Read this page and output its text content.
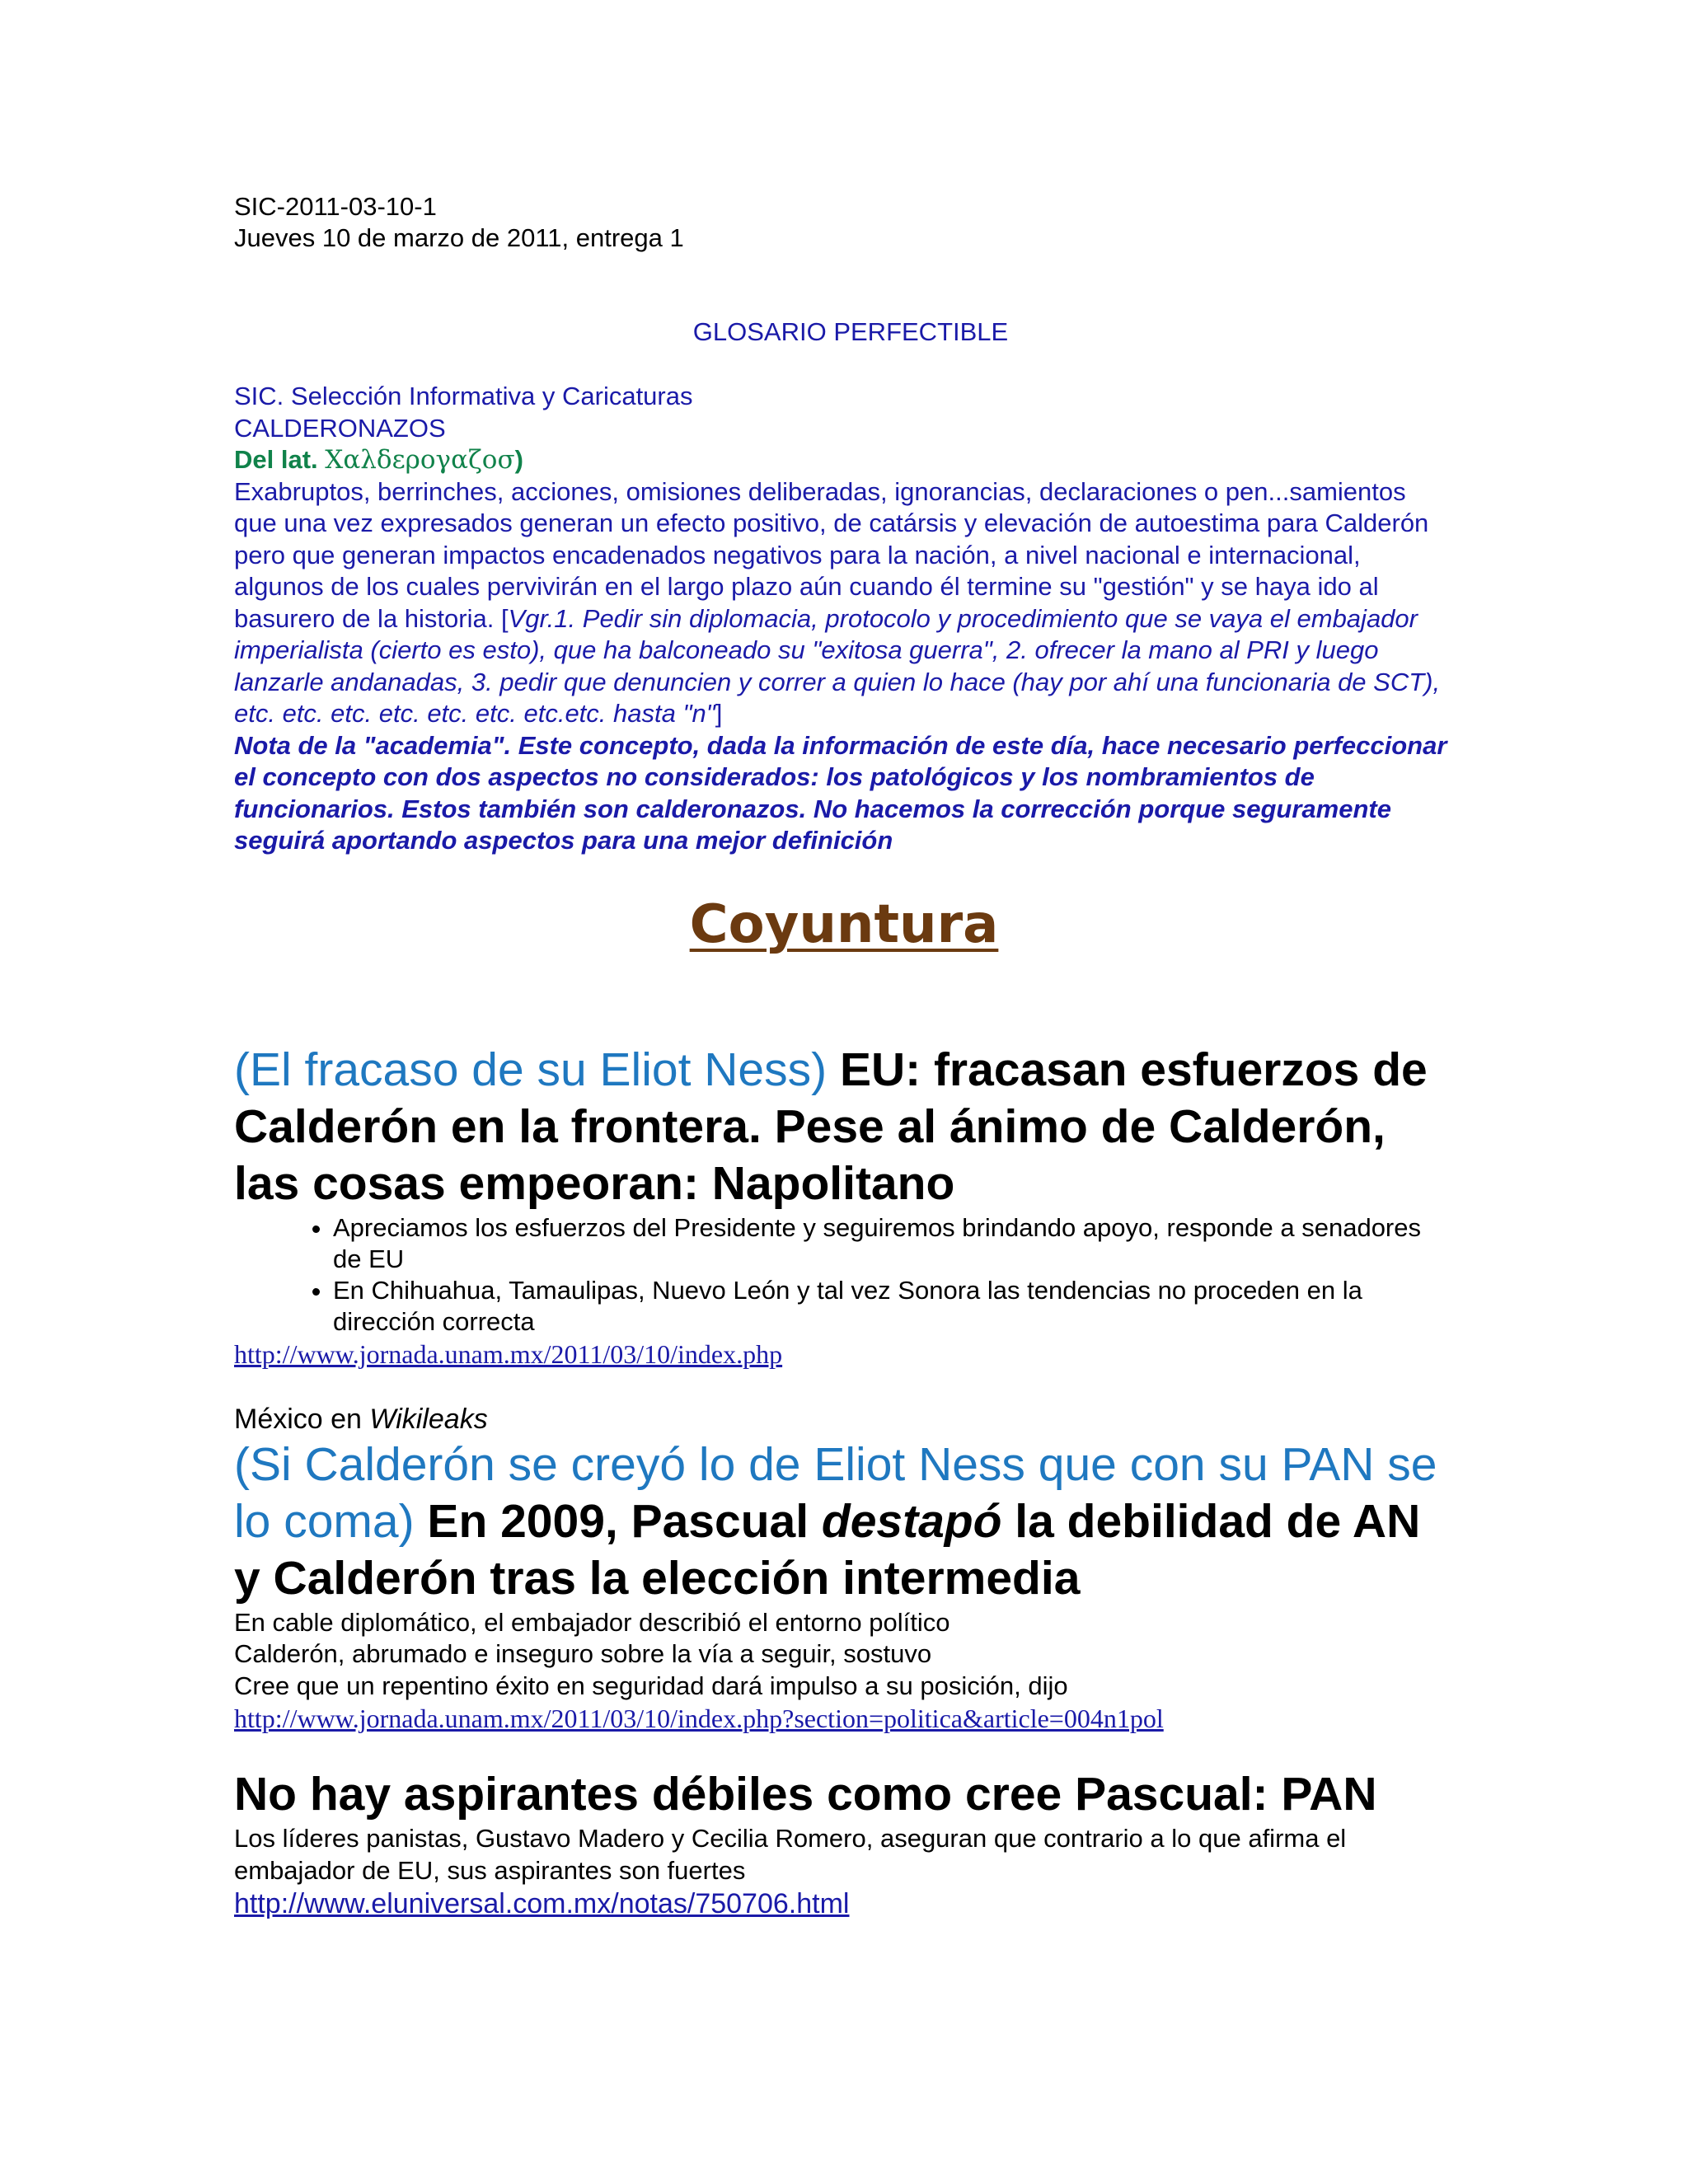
SIC-2011-03-10-1
Jueves 10 de marzo de 2011, entrega 1
GLOSARIO PERFECTIBLE
SIC. Selección Informativa y Caricaturas
CALDERONAZOS
Del lat. Χαλδερογαζοσ)
Exabruptos, berrinches, acciones, omisiones deliberadas, ignorancias, declaraciones o pen...samientos que una vez expresados generan un efecto positivo, de catársis y elevación de autoestima para Calderón pero que generan impactos encadenados negativos para la nación, a nivel nacional e internacional, algunos de los cuales pervivirán en el largo plazo aún cuando él termine su "gestión" y se haya ido al basurero de la historia. [Vgr.1. Pedir sin diplomacia, protocolo y procedimiento que se vaya el embajador imperialista (cierto es esto), que ha balconeado su "exitosa guerra", 2. ofrecer la mano al PRI y luego lanzarle andanadas, 3. pedir que denuncien y correr a quien lo hace (hay por ahí una funcionaria de SCT), etc. etc. etc. etc. etc. etc. etc.etc. hasta "n"]
Nota de la "academia". Este concepto, dada la información de este día, hace necesario perfeccionar el concepto con dos aspectos no considerados: los patológicos y los nombramientos de funcionarios. Estos también son calderonazos. No hacemos la corrección porque seguramente seguirá aportando aspectos para una mejor definición
Coyuntura
(El fracaso de su Eliot Ness) EU: fracasan esfuerzos de Calderón en la frontera. Pese al ánimo de Calderón, las cosas empeoran: Napolitano
• Apreciamos los esfuerzos del Presidente y seguiremos brindando apoyo, responde a senadores de EU
• En Chihuahua, Tamaulipas, Nuevo León y tal vez Sonora las tendencias no proceden en la dirección correcta
http://www.jornada.unam.mx/2011/03/10/index.php
México en Wikileaks
(Si Calderón se creyó lo de Eliot Ness que con su PAN se lo coma) En 2009, Pascual destapó la debilidad de AN y Calderón tras la elección intermedia
En cable diplomático, el embajador describió el entorno político
Calderón, abrumado e inseguro sobre la vía a seguir, sostuvo
Cree que un repentino éxito en seguridad dará impulso a su posición, dijo
http://www.jornada.unam.mx/2011/03/10/index.php?section=politica&article=004n1pol
No hay aspirantes débiles como cree Pascual: PAN
Los líderes panistas, Gustavo Madero y Cecilia Romero, aseguran que contrario a lo que afirma el embajador de EU, sus aspirantes son fuertes
http://www.eluniversal.com.mx/notas/750706.html
